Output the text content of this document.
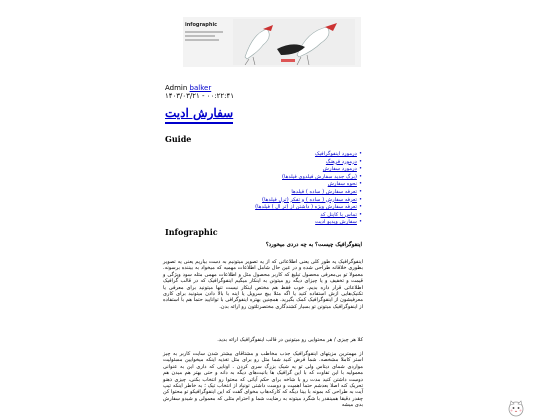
infographic
Admin balker
۱۴۰۳/۰۳/۲۱ - ۰۰:۲۲:۴۱
سفارش ادیت
Guide
•درمورد اینفوگرافیک
•درمورد فرهنگ
•درمورد سفارش
•(برگ جدید سفارش فیلدوی فیلدها)
•نحوه سفارش
•تعرفه سفارش ( ساده ) فیلدها
•تعرفه سفارش ( ساده ) و تفکر (ترل فیلدها)
•تعرفه سفارش ویژه ( داشتن از (تر ال ) فیلدها)
•تماس با کاینل کد
•سفارش ویدیو ادیت
Infographic
اینفوگرافیک چیست؟ به چه دردی میخورد؟
اینفوگرافیک یه طور کلی یعنی اطلاعاتی که از یه تصویر میتونیم به دست بیاریم یعنی یه تصویر بطوری خلاقانه طراحی شده و در عین حال شامل اطلاعات مهمیه که میخواد به بیننده برسونه. معمولا تو بی‌معرفی محصول تبلیغ که کاربر محصول مثل و اطلاعات مهمی مثله سود ویژگی و قیمت و تخفیف و یا چیزای دیگه رو میتونن به اینکار میگیم اینفوگرافیک که در قالب گرافیک اطلاعاتی قرار داره بدیم. خوب فقط هم مختص اینکار نیست تنها میتونید برای معرفی یا تکنیک‌هایی ازش استفاده کنید یا اگه مثلا بیچ سرویل یا اینه با بالا دادن میتونید برای کاری معرفیشون از اینفوگرافیک کمک بگیرید. همچنین بهتره اینفوگرافی با توانایید حتما هم با استفاده از اینفوگرافیک میتونن تو بسیار کشندگاری مختصرتلئون رو ارائه بدن.
کلا هر چیزی / هر محتوایی رو میتونین در قالب اینفوگرافیک ارائه بدید.
از مهمترین مزیتهای اینفوگرافیک جذب مخاطب و مشتاقای بیشتر شدن سایت کاربر به چیز استر کاملا مشخصه. شما فرض کنید شما مثل رو برای مثل تغذیه اینکه میخوایین مسئولیت مواردی شمای دیتاس ولی تو یه شیک بزرگ سری کردن . اونایی که داری این به عنوانی معمولیه با این تفاوت که با این گرافیک ها بانیت‌های دیگه به دانه و حتی بهتر هم میدن هم دوست داشتن کنید مدت رو با شاخه برای حکم آیاتی که محتوا رو انتخاب بکنی، چیزی ذهنو تحریک کنه اصلا بعدشم حتما اهمیت و دوست داشتی تونیاد از انتخاب تیک ؛ به خاطر اینکه تیپ آیت به طراحی که بمونه با بینا دیگه که کارکه‌هاپ مخوای گفت که این اینفوگرافیکو تو محتوا کن چقدر دقیقا همینقدر با شگرد میتونه به رضایت شما و احترام مثلی که معمولی و شیدو سفارش بدی میشه
